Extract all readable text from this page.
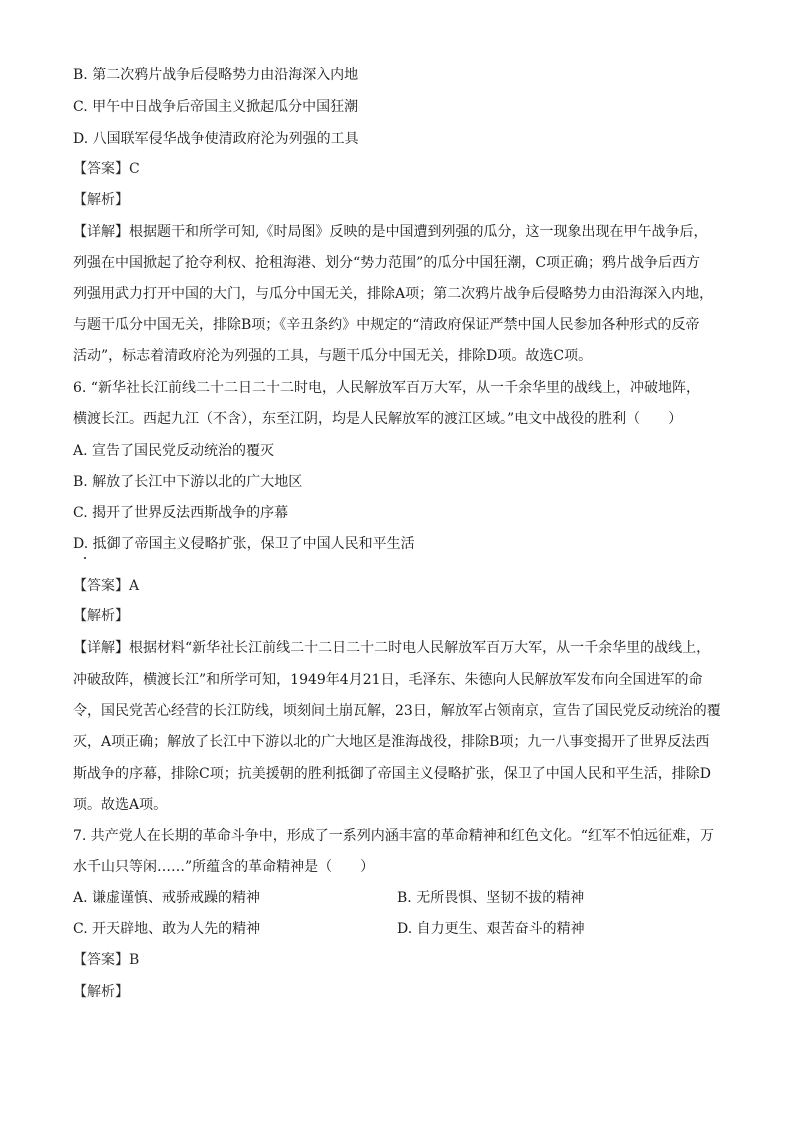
B. 第二次鸦片战争后侵略势力由沿海深入内地
C. 甲午中日战争后帝国主义掀起瓜分中国狂潮
D. 八国联军侵华战争使清政府沦为列强的工具
【答案】C
【解析】
【详解】根据题干和所学可知,《时局图》反映的是中国遭到列强的瓜分，这一现象出现在甲午战争后，
列强在中国掀起了抢夺利权、抢租海港、划分“势力范围”的瓜分中国狂潮，C项正确；鸦片战争后西方
列强用武力打开中国的大门，与瓜分中国无关，排除A项；第二次鸦片战争后侵略势力由沿海深入内地，
与题干瓜分中国无关，排除B项；《辛丑条约》中规定的“清政府保证严禁中国人民参加各种形式的反帝
活动”，标志着清政府沦为列强的工具，与题干瓜分中国无关，排除D项。故选C项。
6. “新华社长江前线二十二日二十二时电，人民解放军百万大军，从一千余华里的战线上，冲破地阵，
横渡长江。西起九江（不含），东至江阴，均是人民解放军的渡江区域。”电文中战役的胜利（　　）
A. 宣告了国民党反动统治的覆灭
B. 解放了长江中下游以北的广大地区
C. 揭开了世界反法西斯战争的序幕
D. 抵御了帝国主义侵略扩张，保卫了中国人民和平生活
【答案】A
【解析】
【详解】根据材料“新华社长江前线二十二日二十二时电人民解放军百万大军，从一千余华里的战线上，
冲破敌阵，横渡长江”和所学可知，1949年4月21日，毛泽东、朱德向人民解放军发布向全国进军的命
令，国民党苦心经营的长江防线，顷刻间土崩瓦解，23日，解放军占领南京，宣告了国民党反动统治的覆
灭，A项正确；解放了长江中下游以北的广大地区是淮海战役，排除B项；九一八事变揭开了世界反法西
斯战争的序幕，排除C项；抗美援朝的胜利抵御了帝国主义侵略扩张，保卫了中国人民和平生活，排除D
项。故选A项。
7. 共产党人在长期的革命斗争中，形成了一系列内涵丰富的革命精神和红色文化。“红军不怕远征难，万
水千山只等闲……”所蕴含的革命精神是（　　）
A. 谦虚谨慎、戒骄戒躁的精神	B. 无所畏惧、坚韧不拔的精神
C. 开天辟地、敢为人先的精神	D. 自力更生、艰苦奋斗的精神
【答案】B
【解析】
